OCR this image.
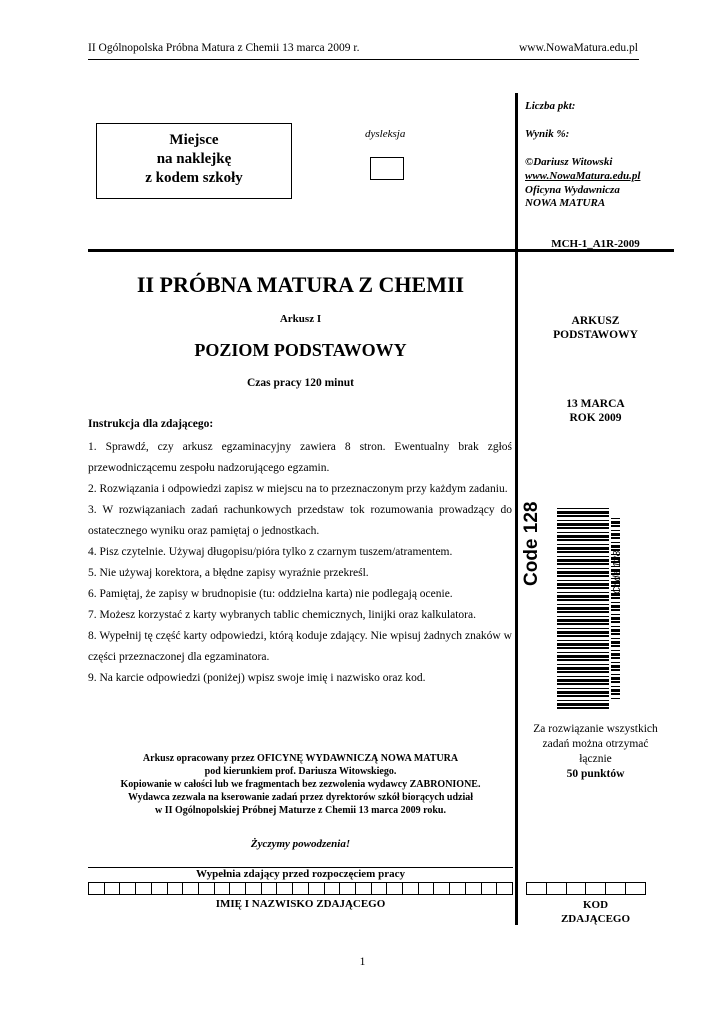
II Ogólnopolska Próbna Matura z Chemii 13 marca 2009 r.	www.NowaMatura.edu.pl
Liczba pkt:
Wynik %:
©Dariusz Witowski
www.NowaMatura.edu.pl
Oficyna Wydawnicza
NOWA MATURA
MCH-1_A1R-2009
Miejsce
na naklejkę
z kodem szkoły
dysleksja
II PRÓBNA MATURA Z CHEMII
Arkusz I
POZIOM PODSTAWOWY
Czas pracy 120 minut
Instrukcja dla zdającego:

1. Sprawdź, czy arkusz egzaminacyjny zawiera 8 stron. Ewentualny brak zgłoś przewodniczącemu zespołu nadzorującego egzamin.

2. Rozwiązania i odpowiedzi zapisz w miejscu na to przeznaczonym przy każdym zadaniu.

3. W rozwiązaniach zadań rachunkowych przedstaw tok rozumowania prowadzący do ostatecznego wyniku oraz pamiętaj o jednostkach.

4. Pisz czytelnie. Używaj długopisu/pióra tylko z czarnym tuszem/atramentem.

5. Nie używaj korektora, a błędne zapisy wyraźnie przekreśl.

6. Pamiętaj, że zapisy w brudnopisie (tu: oddzielna karta) nie podlegają ocenie.

7. Możesz korzystać z karty wybranych tablic chemicznych, linijki oraz kalkulatora.

8. Wypełnij tę część karty odpowiedzi, którą koduje zdający. Nie wpisuj żadnych znaków w części przeznaczonej dla egzaminatora.

9. Na karcie odpowiedzi (poniżej) wpisz swoje imię i nazwisko oraz kod.

ARKUSZ
PODSTAWOWY
13 MARCA
ROK 2009
Code 128	Code 128
Za rozwiązanie wszystkich
zadań można otrzymać
łącznie
50 punktów
Arkusz opracowany przez OFICYNĘ WYDAWNICZĄ NOWA MATURA
pod kierunkiem prof. Dariusza Witowskiego.
Kopiowanie w całości lub we fragmentach bez zezwolenia wydawcy ZABRONIONE.
Wydawca zezwala na kserowanie zadań przez dyrektorów szkół biorących udział
w II Ogólnopolskiej Próbnej Maturze z Chemii 13 marca 2009 roku.
Życzymy powodzenia!
Wypełnia zdający przed rozpoczęciem pracy
IMIĘ I NAZWISKO ZDAJĄCEGO	KOD
ZDAJĄCEGO
1
